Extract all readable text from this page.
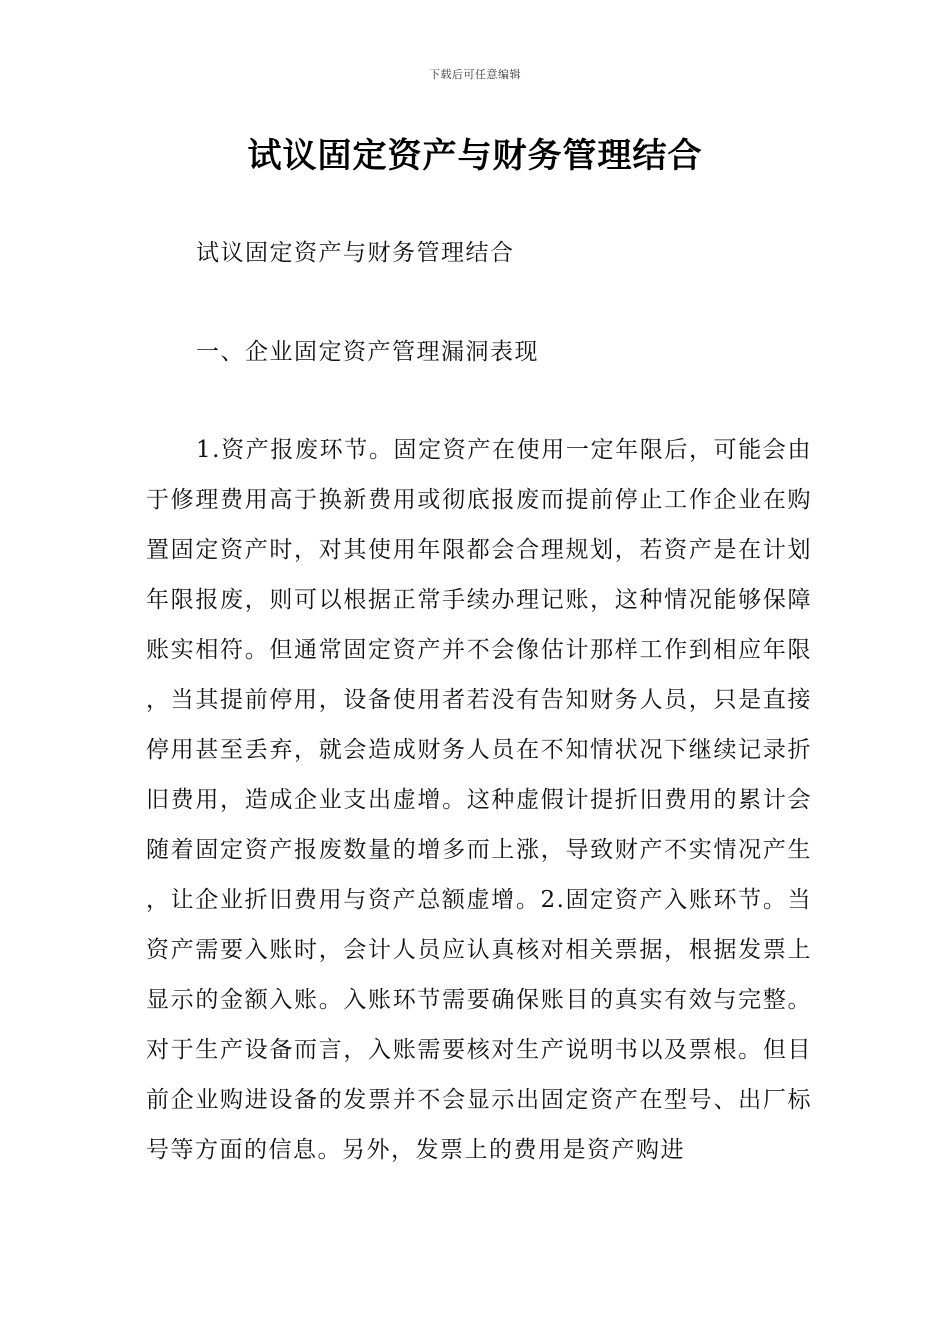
下载后可任意编辑
试议固定资产与财务管理结合

试议固定资产与财务管理结合

一、企业固定资产管理漏洞表现

1.资产报废环节。固定资产在使用一定年限后，可能会由于修理费用高于换新费用或彻底报废而提前停止工作企业在购置固定资产时，对其使用年限都会合理规划，若资产是在计划年限报废，则可以根据正常手续办理记账，这种情况能够保障账实相符。但通常固定资产并不会像估计那样工作到相应年限，当其提前停用，设备使用者若没有告知财务人员，只是直接停用甚至丢弃，就会造成财务人员在不知情状况下继续记录折旧费用，造成企业支出虚增。这种虚假计提折旧费用的累计会随着固定资产报废数量的增多而上涨，导致财产不实情况产生，让企业折旧费用与资产总额虚增。2.固定资产入账环节。当资产需要入账时，会计人员应认真核对相关票据，根据发票上显示的金额入账。入账环节需要确保账目的真实有效与完整。对于生产设备而言，入账需要核对生产说明书以及票根。但目前企业购进设备的发票并不会显示出固定资产在型号、出厂标号等方面的信息。另外，发票上的费用是资产购进
